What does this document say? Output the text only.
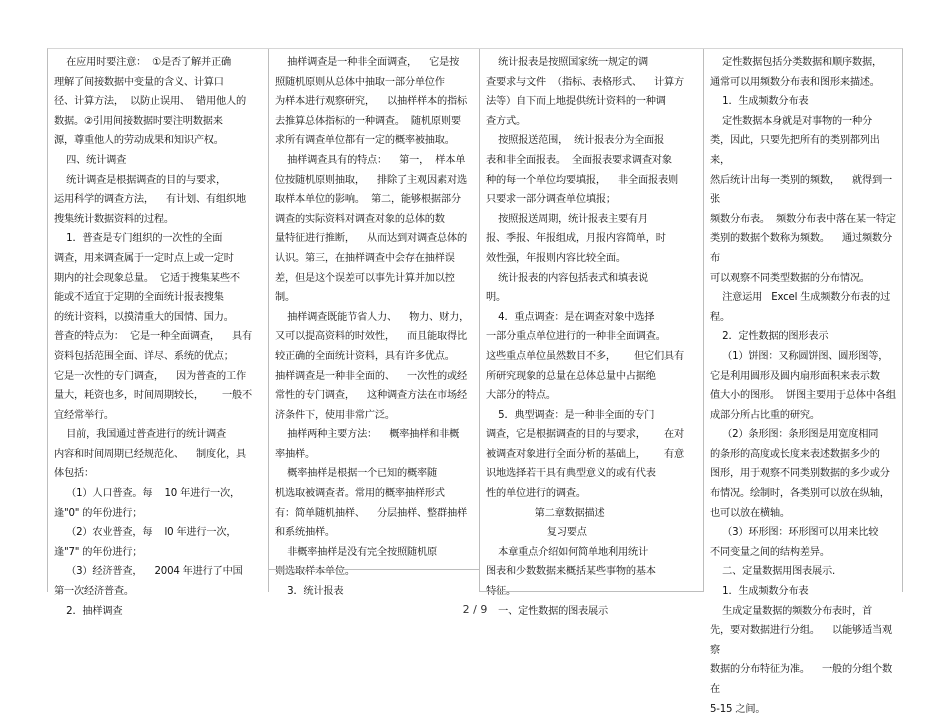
在应用时要注意：  ①是否了解并正确

理解了间接数据中变量的含义、计算口

径、计算方法，  以防止误用、  错用他人的

数据。②引用间接数据时要注明数据来

源，尊重他人的劳动成果和知识产权。

四、统计调查

统计调查是根据调查的目的与要求，

运用科学的调查方法，    有计划、有组织地

搜集统计数据资料的过程。

1．普查是专门组织的一次性的全面

调查，用来调查属于一定时点上或一定时

期内的社会现象总量。  它适于搜集某些不

能或不适宜于定期的全面统计报表搜集

的统计资料，以摸清重大的国情、国力。

普查的特点为：  它是一种全面调查，    具有

资料包括范围全面、详尽、系统的优点；

它是一次性的专门调查，    因为普查的工作

量大，耗资也多，时间周期较长，      一般不

宜经常举行。

目前，我国通过普查进行的统计调查

内容和时间周期已经规范化、    制度化，具

体包括：

（1）人口普查。每    10 年进行一次，

逢"0" 的年份进行；

（2）农业普查，每    l0 年进行一次，

逢"7" 的年份进行；

（3）经济普查，    2004 年进行了中国

第一次经济普查。

2．抽样调查

抽样调查是一种非全面调查，    它是按

照随机原则从总体中抽取一部分单位作

为样本进行观察研究，    以抽样样本的指标

去推算总体指标的一种调查。  随机原则要

求所有调查单位都有一定的概率被抽取。

抽样调查具有的特点：    第一，  样本单

位按随机原则抽取，    排除了主观因素对选

取样本单位的影响。  第二，能够根据部分

调查的实际资料对调查对象的总体的数

量特征进行推断，    从而达到对调查总体的

认识。第三，在抽样调查中会存在抽样误

差，但是这个误差可以事先计算并加以控

制。

抽样调查既能节省人力、    物力、财力，

又可以提高资料的时效性，    而且能取得比

较正确的全面统计资料，具有许多优点。

抽样调查是一种非全面的、    一次性的或经

常性的专门调查，    这种调查方法在市场经

济条件下，使用非常广泛。

抽样两种主要方法：    概率抽样和非概

率抽样。

概率抽样是根据一个已知的概率随

机选取被调查者。常用的概率抽样形式

有：简单随机抽样、    分层抽样、整群抽样

和系统抽样。

非概率抽样是没有完全按照随机原

则选取样本单位。

3．统计报表

统计报表是按照国家统一规定的调

查要求与文件  （指标、表格形式、    计算方

法等）自下而上地提供统计资料的一种调

查方式。

按照报送范围，  统计报表分为全面报

表和非全面报表。  全面报表要求调查对象

种的每一个单位均要填报，    非全面报表则

只要求一部分调查单位填报；

按照报送周期，统计报表主要有月

报、季报、年报组成，月报内容简单，时

效性强，年报则内容比较全面。

统计报表的内容包括表式和填表说

明。

4．重点调查：是在调查对象中选择

一部分重点单位进行的一种非全面调查。

这些重点单位虽然数目不多，      但它们具有

所研究现象的总量在总体总量中占据绝

大部分的特点。

5．典型调查：是一种非全面的专门

调查，它是根据调查的目的与要求，      在对

被调查对象进行全面分析的基础上，      有意

识地选择若干具有典型意义的或有代表

性的单位进行的调查。

第二章数据描述

复习要点

本章重点介绍如何简单地利用统计

图表和少数数据来概括某些事物的基本

特征。

一、定性数据的图表展示

定性数据包括分类数据和顺序数据，

通常可以用频数分布表和图形来描述。

1．生成频数分布表

定性数据本身就是对事物的一种分

类，因此，只要先把所有的类别都列出来，

然后统计出每一类别的频数，    就得到一张

频数分布表。  频数分布表中落在某一特定

类别的数据个数称为频数。    通过频数分布

可以观察不同类型数据的分布情况。

注意运用   Excel 生成频数分布表的过

程。

2．定性数据的图形表示

（1）饼图：又称圆饼图、圆形图等，

它是利用圆形及圆内扇形面积来表示数

值大小的图形。  饼图主要用于总体中各组

成部分所占比重的研究。

（2）条形图：条形图是用宽度相同

的条形的高度或长度来表述数据多少的

图形，用于观察不同类别数据的多少或分

布情况。绘制时，各类别可以放在纵轴，

也可以放在横轴。

（3）环形图：环形图可以用来比较

不同变量之间的结构差异。

二、定量数据用图表展示.

1．生成频数分布表

生成定量数据的频数分布表时，首

先，要对数据进行分组。    以能够适当观察

数据的分布特征为准。    一般的分组个数在

5-15 之间。

2 / 9
